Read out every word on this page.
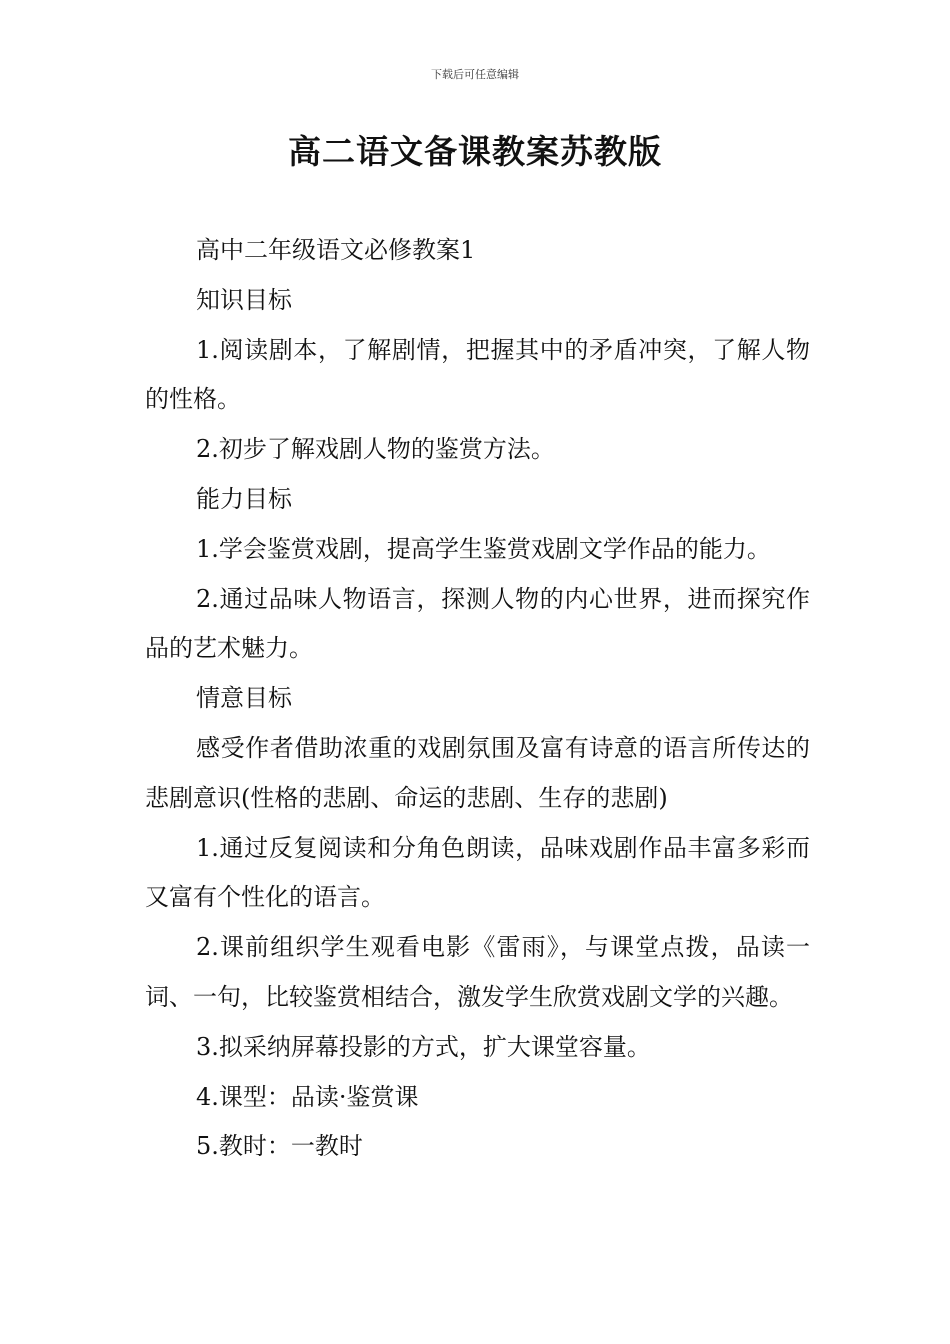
下载后可任意编辑
高二语文备课教案苏教版

高中二年级语文必修教案1

知识目标

1.阅读剧本，了解剧情，把握其中的矛盾冲突，了解人物的性格。

2.初步了解戏剧人物的鉴赏方法。

能力目标

1.学会鉴赏戏剧，提高学生鉴赏戏剧文学作品的能力。

2.通过品味人物语言，探测人物的内心世界，进而探究作品的艺术魅力。

情意目标

感受作者借助浓重的戏剧氛围及富有诗意的语言所传达的悲剧意识(性格的悲剧、命运的悲剧、生存的悲剧)

1.通过反复阅读和分角色朗读，品味戏剧作品丰富多彩而又富有个性化的语言。

2.课前组织学生观看电影《雷雨》，与课堂点拨，品读一词、一句，比较鉴赏相结合，激发学生欣赏戏剧文学的兴趣。

3.拟采纳屏幕投影的方式，扩大课堂容量。

4.课型：品读·鉴赏课

5.教时：一教时
